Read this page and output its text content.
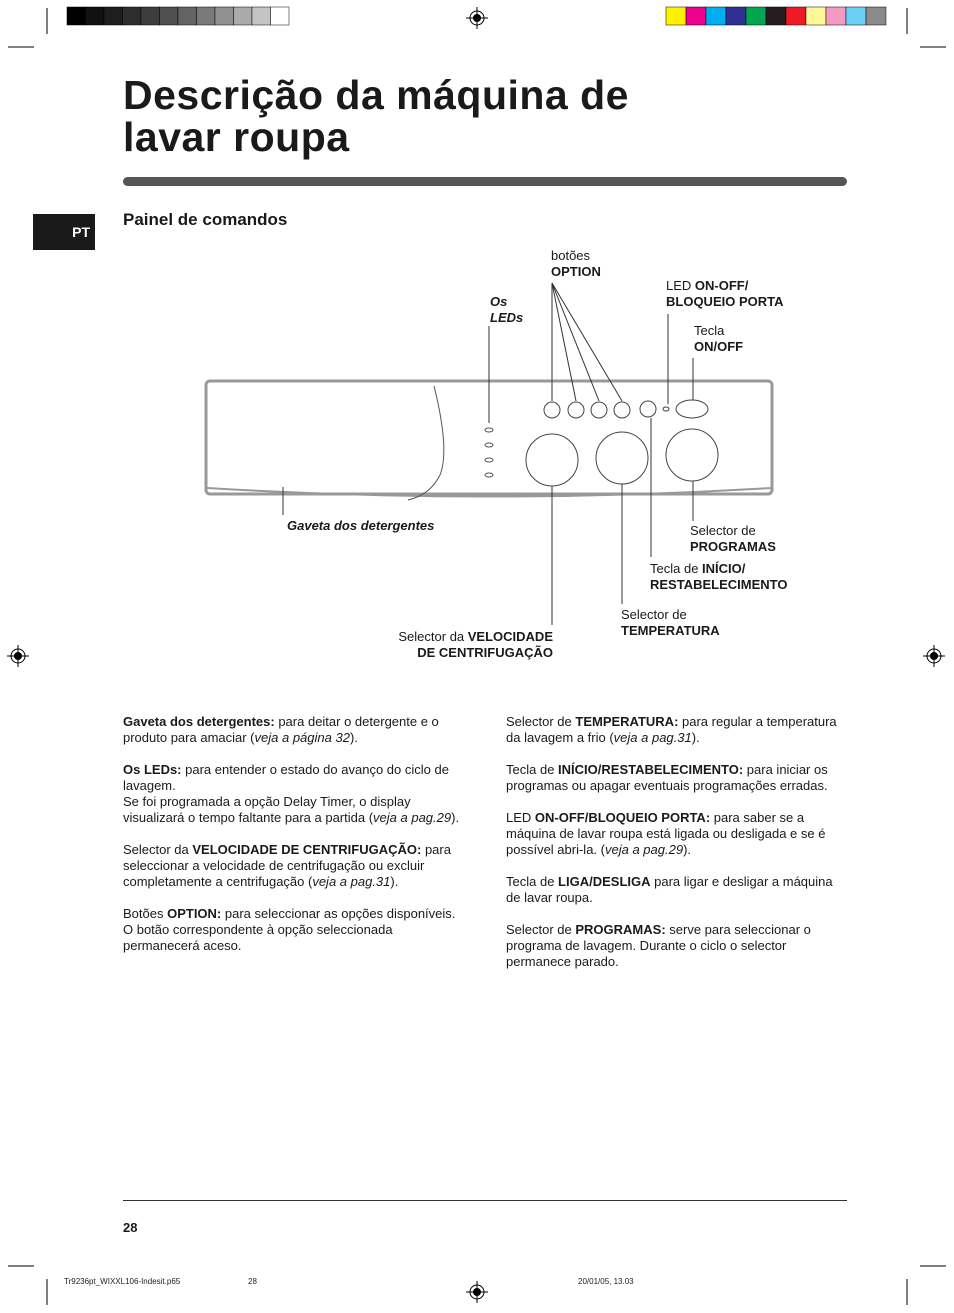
Descrição da máquina de
lavar roupa
PT
Painel de comandos
botões
OPTION
Os
LEDs
LED ON-OFF/
BLOQUEIO PORTA
Tecla
ON/OFF
Gaveta dos detergentes	Selector de
PROGRAMAS
Tecla de INÍCIO/
RESTABELECIMENTO
Selector de
TEMPERATURA
Selector da VELOCIDADE
DE CENTRIFUGAÇÃO

Gaveta dos detergentes: para deitar o detergente e o produto para amaciar (veja a página 32).

Os LEDs: para entender o estado do avanço do ciclo de lavagem.
Se foi programada a opção Delay Timer, o display visualizará o tempo faltante para a partida (veja a pag.29).

Selector da VELOCIDADE DE CENTRIFUGAÇÃO: para seleccionar a velocidade de centrifugação ou excluir completamente a centrifugação (veja a pag.31).

Botões OPTION: para seleccionar as opções disponíveis.
O botão correspondente à opção seleccionada permanecerá aceso.

Selector de TEMPERATURA: para regular a temperatura da lavagem a frio (veja a pag.31).

Tecla de INÍCIO/RESTABELECIMENTO: para iniciar os programas ou apagar eventuais programações erradas.

LED ON-OFF/BLOQUEIO PORTA: para saber se a máquina de lavar roupa está ligada ou desligada e se é possível abri-la. (veja a pag.29).

Tecla de LIGA/DESLIGA para ligar e desligar a máquina de lavar roupa.

Selector de PROGRAMAS: serve para seleccionar o programa de lavagem. Durante o ciclo o selector permanece parado.

28
Tr9236pt_WIXXL106-Indesit.p65	28	20/01/05, 13.03
